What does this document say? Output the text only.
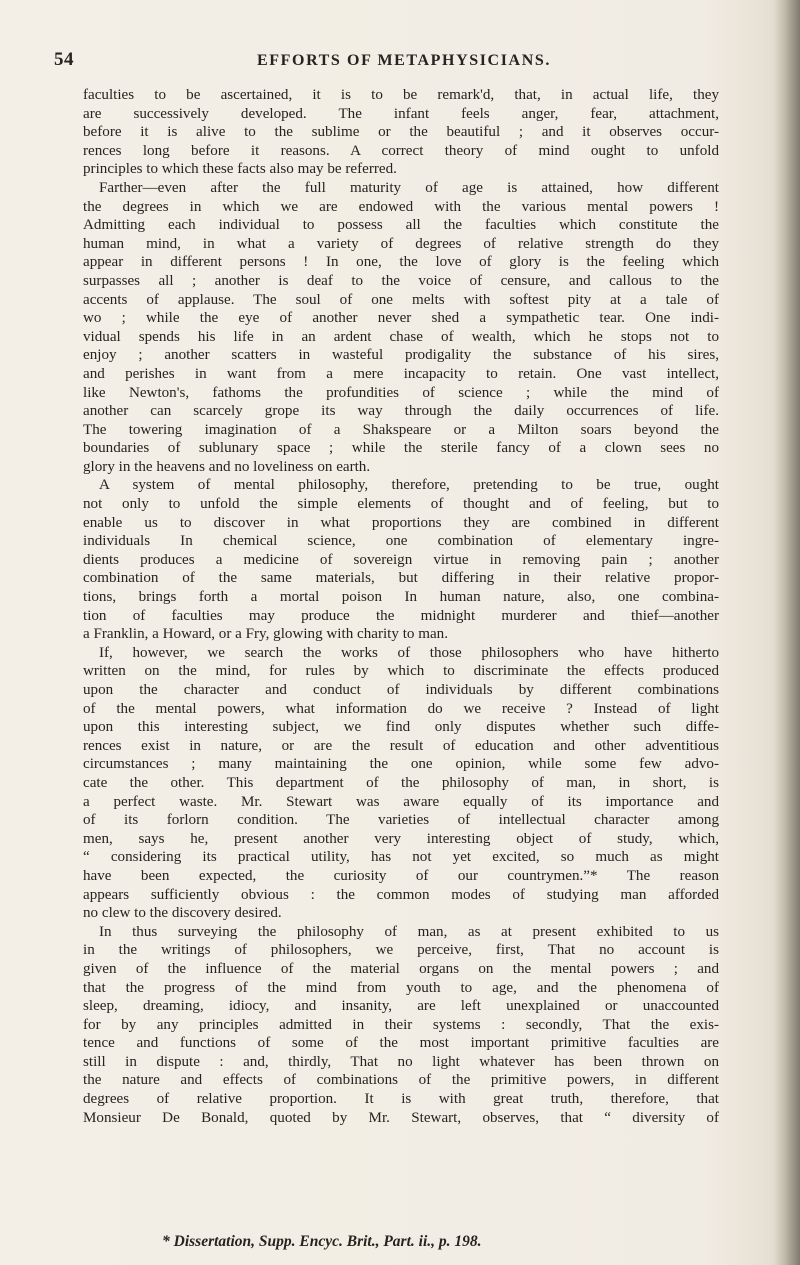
54	EFFORTS OF METAPHYSICIANS.
faculties to be ascertained, it is to be remark'd, that, in actual life, they
are successively developed. The infant feels anger, fear, attachment,
before it is alive to the sublime or the beautiful ; and it observes occur-
rences long before it reasons. A correct theory of mind ought to unfold
principles to which these facts also may be referred.
Farther—even after the full maturity of age is attained, how different
the degrees in which we are endowed with the various mental powers !
Admitting each individual to possess all the faculties which constitute the
human mind, in what a variety of degrees of relative strength do they
appear in different persons ! In one, the love of glory is the feeling which
surpasses all ; another is deaf to the voice of censure, and callous to the
accents of applause. The soul of one melts with softest pity at a tale of
wo ; while the eye of another never shed a sympathetic tear. One indi-
vidual spends his life in an ardent chase of wealth, which he stops not to
enjoy ; another scatters in wasteful prodigality the substance of his sires,
and perishes in want from a mere incapacity to retain. One vast intellect,
like Newton's, fathoms the profundities of science ; while the mind of
another can scarcely grope its way through the daily occurrences of life.
The towering imagination of a Shakspeare or a Milton soars beyond the
boundaries of sublunary space ; while the sterile fancy of a clown sees no
glory in the heavens and no loveliness on earth.
A system of mental philosophy, therefore, pretending to be true, ought
not only to unfold the simple elements of thought and of feeling, but to
enable us to discover in what proportions they are combined in different
individuals In chemical science, one combination of elementary ingre-
dients produces a medicine of sovereign virtue in removing pain ; another
combination of the same materials, but differing in their relative propor-
tions, brings forth a mortal poison In human nature, also, one combina-
tion of faculties may produce the midnight murderer and thief—another
a Franklin, a Howard, or a Fry, glowing with charity to man.
If, however, we search the works of those philosophers who have hitherto
written on the mind, for rules by which to discriminate the effects produced
upon the character and conduct of individuals by different combinations
of the mental powers, what information do we receive ? Instead of light
upon this interesting subject, we find only disputes whether such diffe-
rences exist in nature, or are the result of education and other adventitious
circumstances ; many maintaining the one opinion, while some few advo-
cate the other. This department of the philosophy of man, in short, is
a perfect waste. Mr. Stewart was aware equally of its importance and
of its forlorn condition. The varieties of intellectual character among
men, says he, present another very interesting object of study, which,
“ considering its practical utility, has not yet excited, so much as might
have been expected, the curiosity of our countrymen.”* The reason
appears sufficiently obvious : the common modes of studying man afforded
no clew to the discovery desired.
In thus surveying the philosophy of man, as at present exhibited to us
in the writings of philosophers, we perceive, first, That no account is
given of the influence of the material organs on the mental powers ; and
that the progress of the mind from youth to age, and the phenomena of
sleep, dreaming, idiocy, and insanity, are left unexplained or unaccounted
for by any principles admitted in their systems : secondly, That the exis-
tence and functions of some of the most important primitive faculties are
still in dispute : and, thirdly, That no light whatever has been thrown on
the nature and effects of combinations of the primitive powers, in different
degrees of relative proportion. It is with great truth, therefore, that
Monsieur De Bonald, quoted by Mr. Stewart, observes, that “ diversity of
* Dissertation, Supp. Encyc. Brit., Part. ii., p. 198.
